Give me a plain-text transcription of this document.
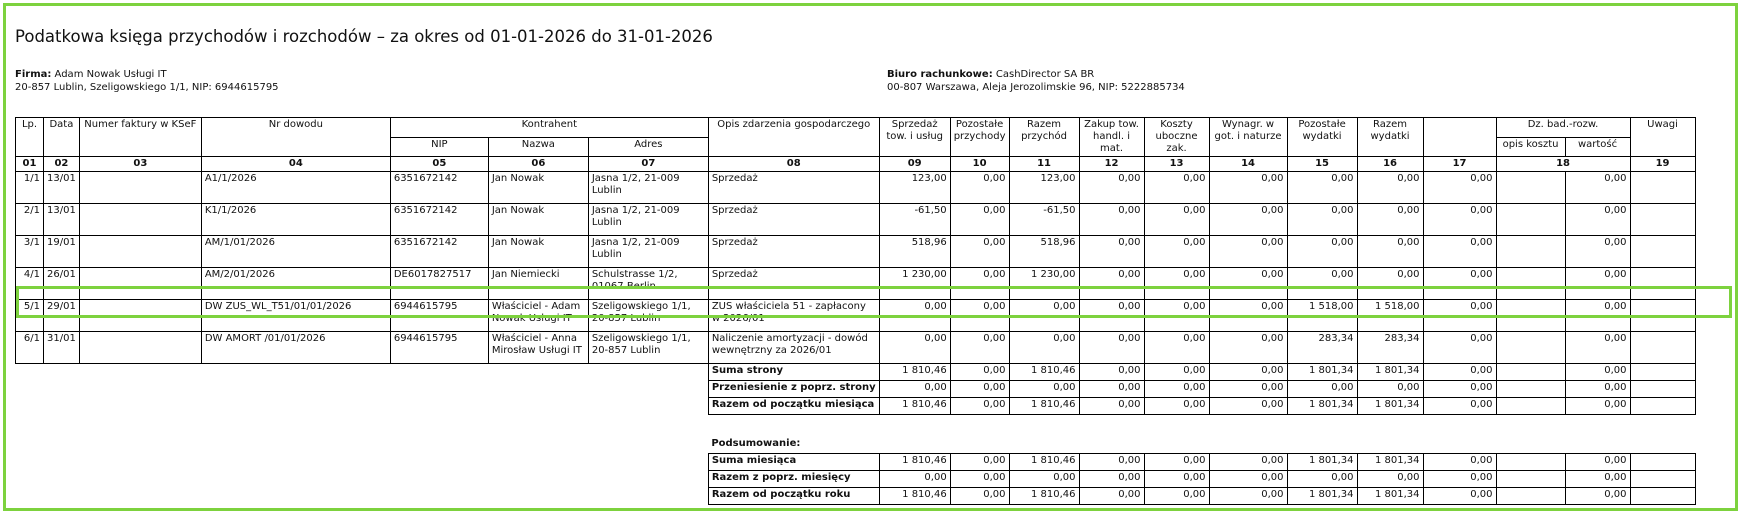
Podatkowa księga przychodów i rozchodów – za okres od 01-01-2026 do 31-01-2026
Firma: Adam Nowak Usługi IT
20-857 Lublin, Szeligowskiego 1/1, NIP: 6944615795
Biuro rachunkowe: CashDirector SA BR
00-807 Warszawa, Aleja Jerozolimskie 96, NIP: 5222885734
Lp.	Data	Numer faktury w KSeF	Nr dowodu	Kontrahent			Opis zdarzenia gospodarczego	Sprzedaż tow. i usług	Pozostałe przychody	Razem przychód	Zakup tow. handl. i mat.	Koszty uboczne zak.	Wynagr. w got. i naturze	Pozostałe wydatki	Razem wydatki		Dz. bad.-rozw.		Uwagi
				NIP	Nazwa	Adres											opis kosztu	wartość	
01	02	03	04	05	06	07	08	09	10	11	12	13	14	15	16	17	18		19
1/1	13/01		A1/1/2026	6351672142	Jan Nowak	Jasna 1/2, 21-009 Lublin	Sprzedaż	123,00	0,00	123,00	0,00	0,00	0,00	0,00	0,00	0,00		0,00	
2/1	13/01		K1/1/2026	6351672142	Jan Nowak	Jasna 1/2, 21-009 Lublin	Sprzedaż	-61,50	0,00	-61,50	0,00	0,00	0,00	0,00	0,00	0,00		0,00	
3/1	19/01		AM/1/01/2026	6351672142	Jan Nowak	Jasna 1/2, 21-009 Lublin	Sprzedaż	518,96	0,00	518,96	0,00	0,00	0,00	0,00	0,00	0,00		0,00	
4/1	26/01		AM/2/01/2026	DE6017827517	Jan Niemiecki	Schulstrasse 1/2, 01067 Berlin	Sprzedaż	1 230,00	0,00	1 230,00	0,00	0,00	0,00	0,00	0,00	0,00		0,00	
5/1	29/01		DW ZUS_WL_T51/01/01/2026	6944615795	Właściciel - Adam Nowak Usługi IT	Szeligowskiego 1/1, 20-857 Lublin	ZUS właściciela 51 - zapłacony w 2026/01	0,00	0,00	0,00	0,00	0,00	0,00	1 518,00	1 518,00	0,00		0,00	
6/1	31/01		DW AMORT /01/01/2026	6944615795	Właściciel - Anna Mirosław Usługi IT	Szeligowskiego 1/1, 20-857 Lublin	Naliczenie amortyzacji - dowód wewnętrzny za 2026/01	0,00	0,00	0,00	0,00	0,00	0,00	283,34	283,34	0,00		0,00	
							Suma strony	1 810,46	0,00	1 810,46	0,00	0,00	0,00	1 801,34	1 801,34	0,00		0,00	
							Przeniesienie z poprz. strony	0,00	0,00	0,00	0,00	0,00	0,00	0,00	0,00	0,00		0,00	
							Razem od początku miesiąca	1 810,46	0,00	1 810,46	0,00	0,00	0,00	1 801,34	1 801,34	0,00		0,00	

							Podsumowanie:												
							Suma miesiąca	1 810,46	0,00	1 810,46	0,00	0,00	0,00	1 801,34	1 801,34	0,00		0,00	
							Razem z poprz. miesięcy	0,00	0,00	0,00	0,00	0,00	0,00	0,00	0,00	0,00		0,00	
							Razem od początku roku	1 810,46	0,00	1 810,46	0,00	0,00	0,00	1 801,34	1 801,34	0,00		0,00	
